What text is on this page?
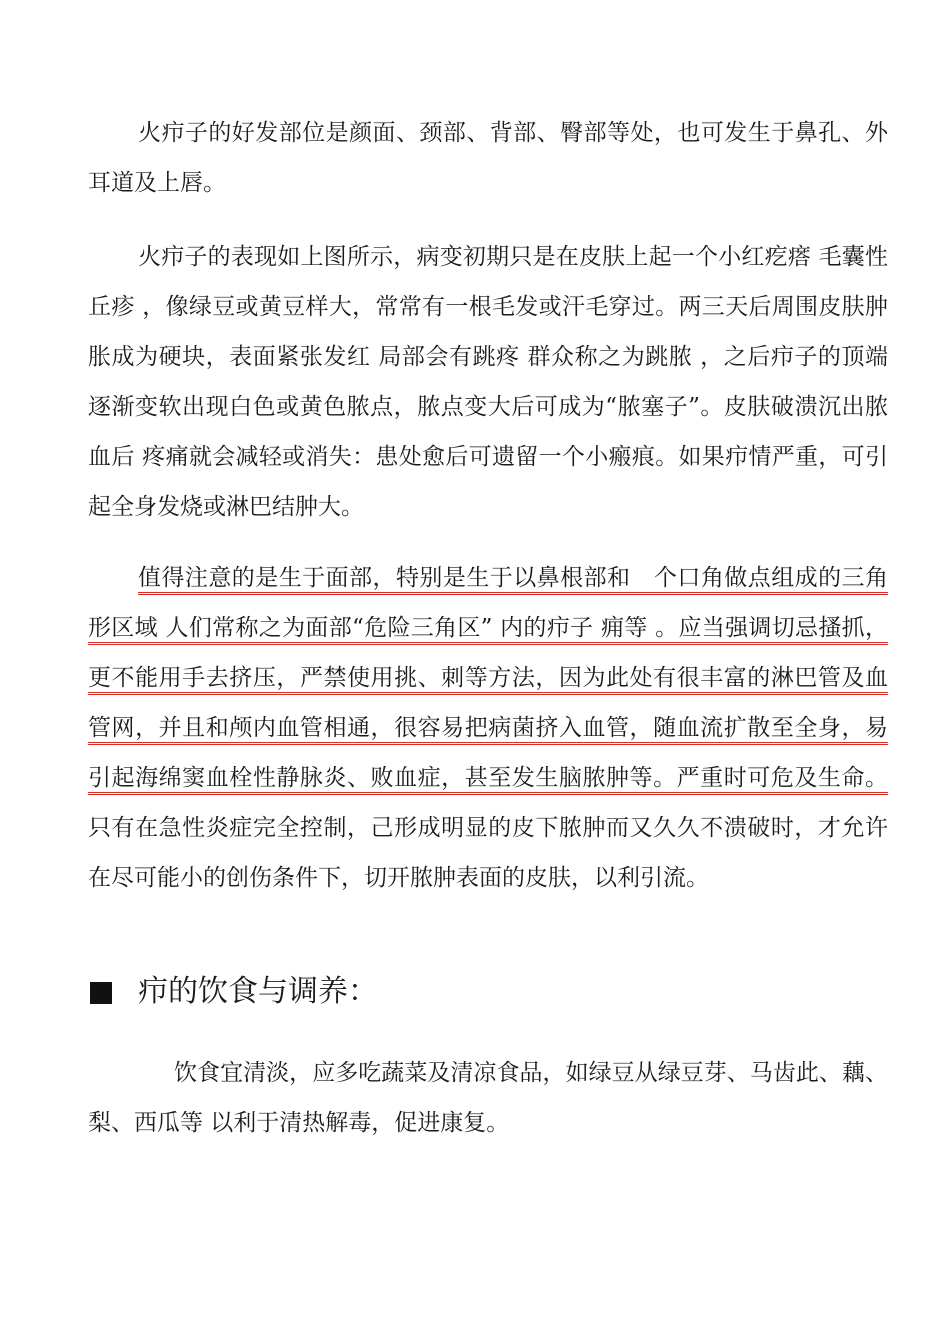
火疖子的好发部位是颜面、颈部、背部、臀部等处，也可发生于鼻孔、外耳道及上唇。

火疖子的表现如上图所示，病变初期只是在皮肤上起一个小红疙瘩 毛囊性丘疹 ，像绿豆或黄豆样大，常常有一根毛发或汗毛穿过。两三天后周围皮肤肿胀成为硬块，表面紧张发红 局部会有跳疼 群众称之为跳脓 ，之后疖子的顶端逐渐变软出现白色或黄色脓点，脓点变大后可成为“脓塞子”。皮肤破溃沉出脓血后 疼痛就会减轻或消失：患处愈后可遗留一个小瘢痕。如果疖情严重，可引起全身发烧或淋巴结肿大。

值得注意的是生于面部，特别是生于以鼻根部和　个口角做点组成的三角形区域 人们常称之为面部“危险三角区” 内的疖子 痈等 。应当强调切忌搔抓，更不能用手去挤压，严禁使用挑、刺等方法，因为此处有很丰富的淋巴管及血管网，并且和颅内血管相通，很容易把病菌挤入血管，随血流扩散至全身，易引起海绵窦血栓性静脉炎、败血症，甚至发生脑脓肿等。严重时可危及生命。只有在急性炎症完全控制，己形成明显的皮下脓肿而又久久不溃破时，才允许在尽可能小的创伤条件下，切开脓肿表面的皮肤，以利引流。

疖的饮食与调养：

饮食宜清淡，应多吃蔬菜及清凉食品，如绿豆从绿豆芽、马齿此、藕、梨、西瓜等 以利于清热解毒，促进康复。
